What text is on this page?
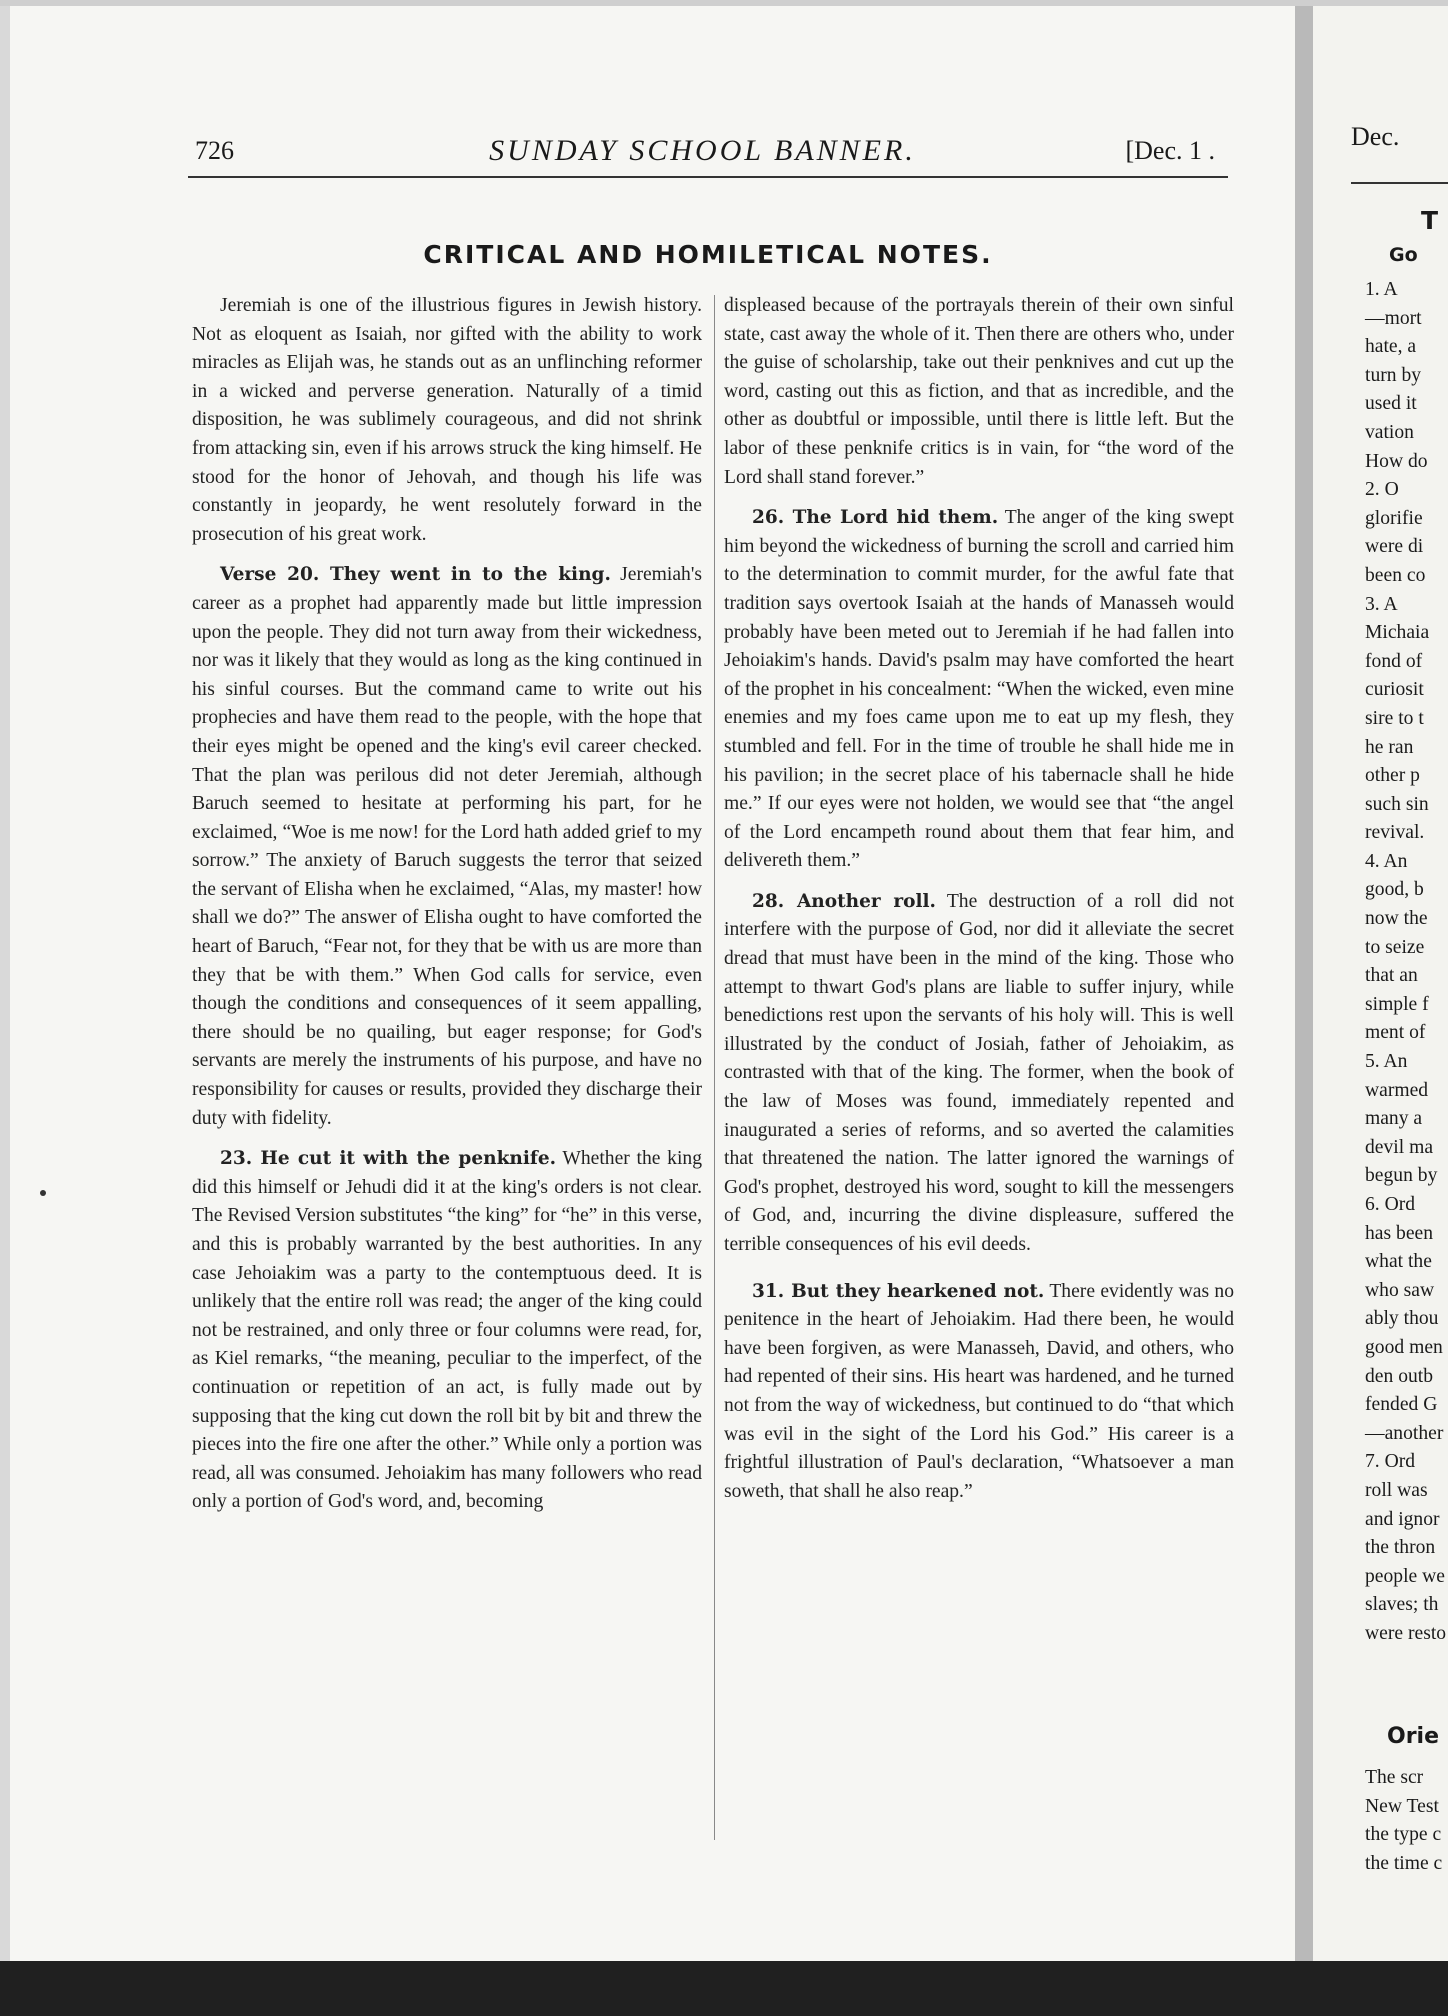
726	SUNDAY SCHOOL BANNER.	[Dec. 1 .
CRITICAL AND HOMILETICAL NOTES.

Jeremiah is one of the illustrious figures in Jewish history. Not as eloquent as Isaiah, nor gifted with the ability to work miracles as Elijah was, he stands out as an unflinching reformer in a wicked and perverse generation. Naturally of a timid disposition, he was sublimely courageous, and did not shrink from attacking sin, even if his arrows struck the king himself. He stood for the honor of Jehovah, and though his life was constantly in jeopardy, he went resolutely forward in the prosecution of his great work.

Verse 20. They went in to the king. Jeremiah's career as a prophet had apparently made but little impression upon the people. They did not turn away from their wickedness, nor was it likely that they would as long as the king continued in his sinful courses. But the command came to write out his prophecies and have them read to the people, with the hope that their eyes might be opened and the king's evil career checked. That the plan was perilous did not deter Jeremiah, although Baruch seemed to hesitate at performing his part, for he exclaimed, “Woe is me now! for the Lord hath added grief to my sorrow.” The anxiety of Baruch suggests the terror that seized the servant of Elisha when he exclaimed, “Alas, my master! how shall we do?” The answer of Elisha ought to have comforted the heart of Baruch, “Fear not, for they that be with us are more than they that be with them.” When God calls for service, even though the conditions and consequences of it seem appalling, there should be no quailing, but eager response; for God's servants are merely the instruments of his purpose, and have no responsibility for causes or results, provided they discharge their duty with fidelity.

23. He cut it with the penknife. Whether the king did this himself or Jehudi did it at the king's orders is not clear. The Revised Version substitutes “the king” for “he” in this verse, and this is probably warranted by the best authorities. In any case Jehoiakim was a party to the contemptuous deed. It is unlikely that the entire roll was read; the anger of the king could not be restrained, and only three or four columns were read, for, as Kiel remarks, “the meaning, peculiar to the imperfect, of the continuation or repetition of an act, is fully made out by supposing that the king cut down the roll bit by bit and threw the pieces into the fire one after the other.” While only a portion was read, all was consumed. Jehoiakim has many followers who read only a portion of God's word, and, becoming

displeased because of the portrayals therein of their own sinful state, cast away the whole of it. Then there are others who, under the guise of scholarship, take out their penknives and cut up the word, casting out this as fiction, and that as incredible, and the other as doubtful or impossible, until there is little left. But the labor of these penknife critics is in vain, for “the word of the Lord shall stand forever.”

26. The Lord hid them. The anger of the king swept him beyond the wickedness of burning the scroll and carried him to the determination to commit murder, for the awful fate that tradition says overtook Isaiah at the hands of Manasseh would probably have been meted out to Jeremiah if he had fallen into Jehoiakim's hands. David's psalm may have comforted the heart of the prophet in his concealment: “When the wicked, even mine enemies and my foes came upon me to eat up my flesh, they stumbled and fell. For in the time of trouble he shall hide me in his pavilion; in the secret place of his tabernacle shall he hide me.” If our eyes were not holden, we would see that “the angel of the Lord encampeth round about them that fear him, and delivereth them.”

28. Another roll. The destruction of a roll did not interfere with the purpose of God, nor did it alleviate the secret dread that must have been in the mind of the king. Those who attempt to thwart God's plans are liable to suffer injury, while benedictions rest upon the servants of his holy will. This is well illustrated by the conduct of Josiah, father of Jehoiakim, as contrasted with that of the king. The former, when the book of the law of Moses was found, immediately repented and inaugurated a series of reforms, and so averted the calamities that threatened the nation. The latter ignored the warnings of God's prophet, destroyed his word, sought to kill the messengers of God, and, incurring the divine displeasure, suffered the terrible consequences of his evil deeds.

31. But they hearkened not. There evidently was no penitence in the heart of Jehoiakim. Had there been, he would have been forgiven, as were Manasseh, David, and others, who had repented of their sins. His heart was hardened, and he turned not from the way of wickedness, but continued to do “that which was evil in the sight of the Lord his God.” His career is a frightful illustration of Paul's declaration, “Whatsoever a man soweth, that shall he also reap.”

Dec.
T
Go
1. A
—mort
hate, a
turn by
used it
vation
How do
2. O
glorifie
were di
been co
3. A
Michaia
fond of
curiosit
sire to t
he ran
other p
such sin
revival.
4. An
good, b
now the
to seize
that an
simple f
ment of
5. An
warmed
many a
devil ma
begun by
6. Ord
has been
what the
who saw
ably thou
good men
den outb
fended G
—another
7. Ord
roll was
and ignor
the thron
people we
slaves; th
were resto
Orie
The scr
New Test
the type c
the time c
